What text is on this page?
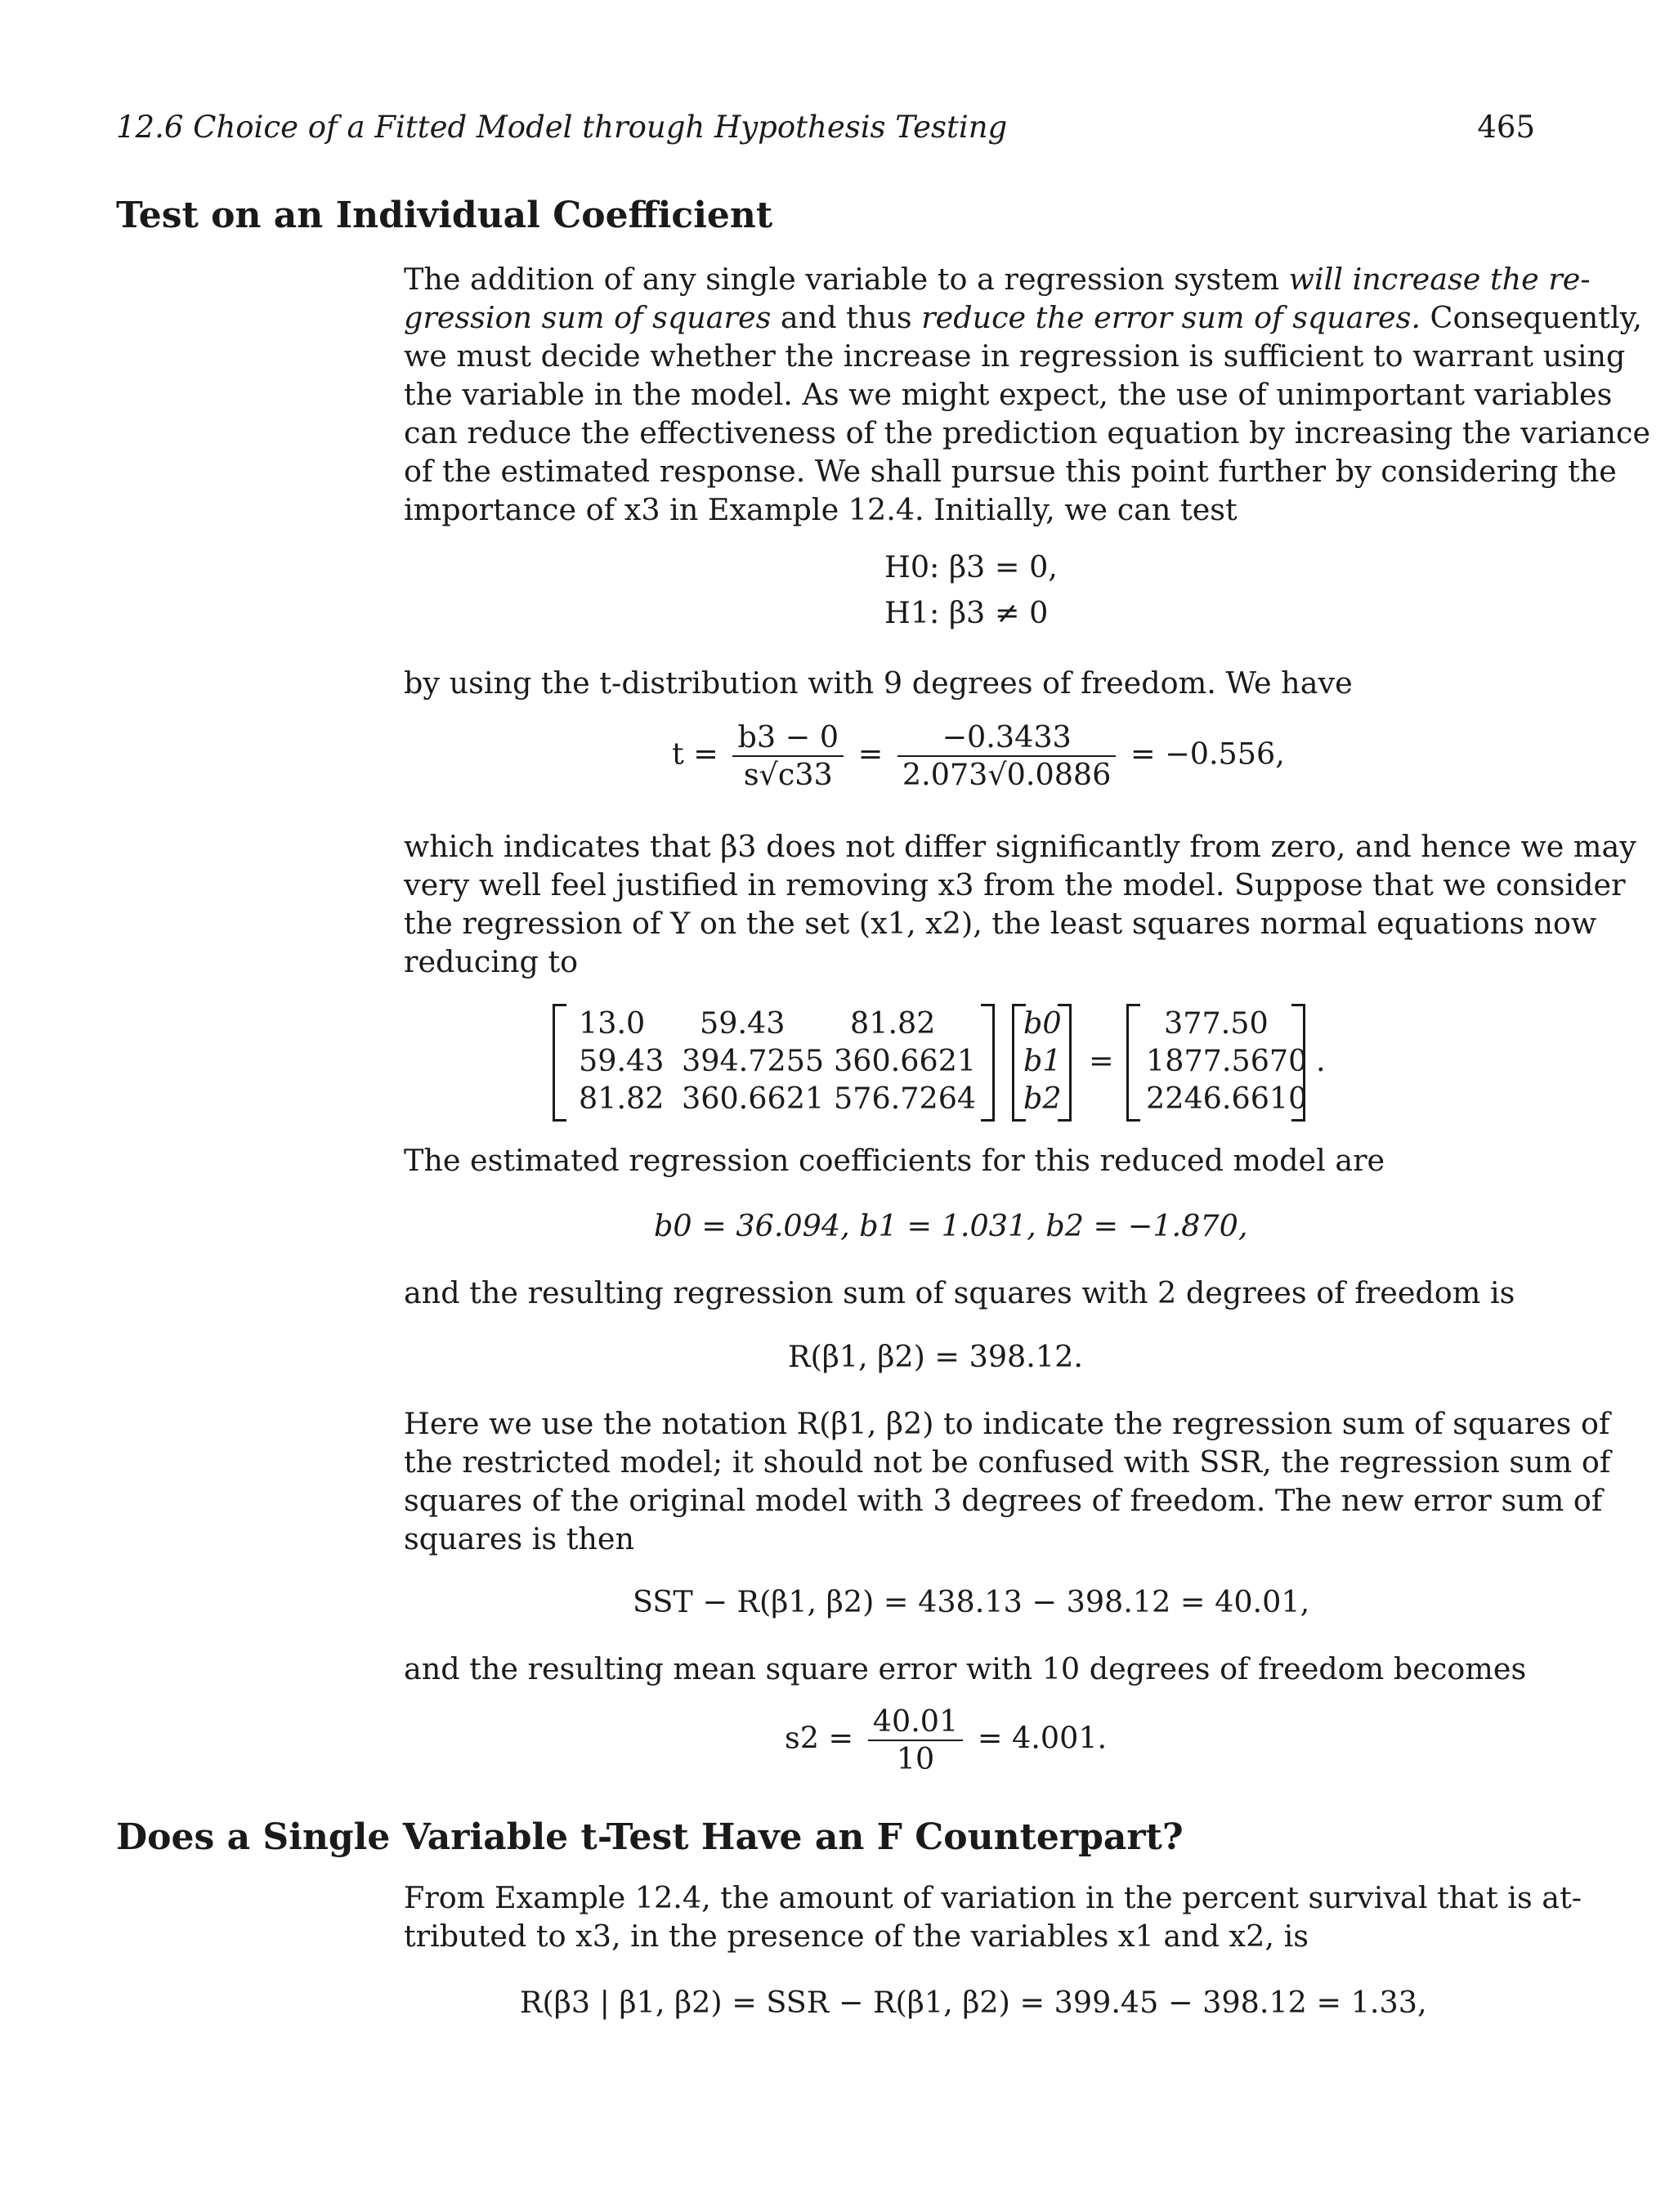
12.6 Choice of a Fitted Model through Hypothesis Testing	465
Test on an Individual Coefficient
The addition of any single variable to a regression system will increase the re-
gression sum of squares and thus reduce the error sum of squares. Consequently,
we must decide whether the increase in regression is sufficient to warrant using
the variable in the model. As we might expect, the use of unimportant variables
can reduce the effectiveness of the prediction equation by increasing the variance
of the estimated response. We shall pursue this point further by considering the
importance of x3 in Example 12.4. Initially, we can test
H0: β3 = 0,
H1: β3 ≠ 0
by using the t-distribution with 9 degrees of freedom. We have
$t = \frac{b3 - 0}{s√c33} = \frac{-0.3433}{2.073√0.0886} = -0.556$,
which indicates that β3 does not differ significantly from zero, and hence we may
very well feel justified in removing x3 from the model. Suppose that we consider
the regression of Y on the set (x1, x2), the least squares normal equations now
reducing to
13.0 59.43 81.82
59.43 394.7255 360.6621
81.82 360.6621 576.7264
b0
b1
b2
=
377.50
1877.5670
2246.6610
.
The estimated regression coefficients for this reduced model are
b0 = 36.094, b1 = 1.031, b2 = −1.870,
and the resulting regression sum of squares with 2 degrees of freedom is
R(β1, β2) = 398.12.
Here we use the notation R(β1, β2) to indicate the regression sum of squares of
the restricted model; it should not be confused with SSR, the regression sum of
squares of the original model with 3 degrees of freedom. The new error sum of
squares is then
SST − R(β1, β2) = 438.13 − 398.12 = 40.01,
and the resulting mean square error with 10 degrees of freedom becomes
$s2 = \frac{40.01}{10} = 4.001$.
Does a Single Variable t-Test Have an F Counterpart?
From Example 12.4, the amount of variation in the percent survival that is at-
tributed to x3, in the presence of the variables x1 and x2, is
R(β3 | β1, β2) = SSR − R(β1, β2) = 399.45 − 398.12 = 1.33,
